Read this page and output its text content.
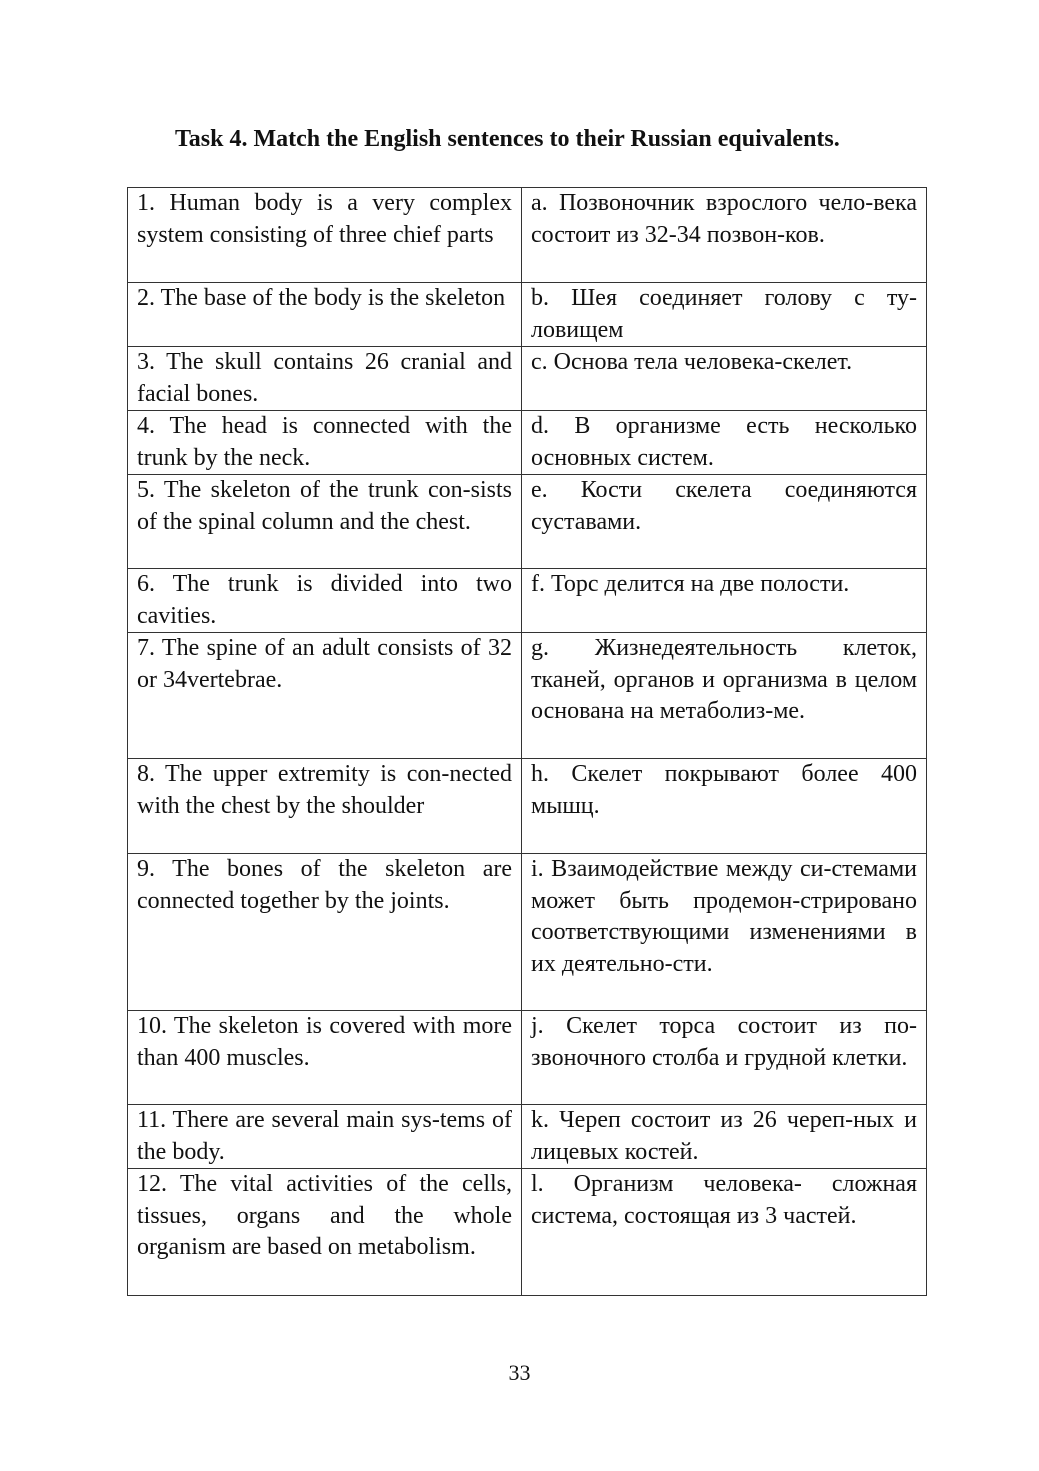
Task 4. Match the English sentences to their Russian equivalents.

1. Human body is a very complex system consisting of three chief parts	a. Позвоночник взрослого чело-века состоит из 32-34 позвон-ков.
2. The base of the body is the skeleton	b. Шея соединяет голову с ту-ловищем
3. The skull contains 26 cranial and facial bones.	c. Основа тела человека-скелет.
4. The head is connected with the trunk by the neck.	d. В организме есть несколько основных систем.
5. The skeleton of the trunk con-sists of the spinal column and the chest.	e. Кости скелета соединяются суставами.
6. The trunk is divided into two cavities.	f. Торс делится на две полости.
7. The spine of an adult consists of 32 or 34vertebrae.	g. Жизнедеятельность клеток, тканей, органов и организма в целом основана на метаболиз-ме.
8. The upper extremity is con-nected with the chest by the shoulder	h. Скелет покрывают более 400 мышц.
9. The bones of the skeleton are connected together by the joints.	i. Взаимодействие между си-стемами может быть продемон-стрировано соответствующими изменениями в их деятельно-сти.
10. The skeleton is covered with more than 400 muscles.	j. Скелет торса состоит из по-звоночного столба и грудной клетки.
11. There are several main sys-tems of the body.	k. Череп состоит из 26 череп-ных и лицевых костей.
12. The vital activities of the cells, tissues, organs and the whole organism are based on metabolism.	l. Организм человека- сложная система, состоящая из 3 частей.

33
